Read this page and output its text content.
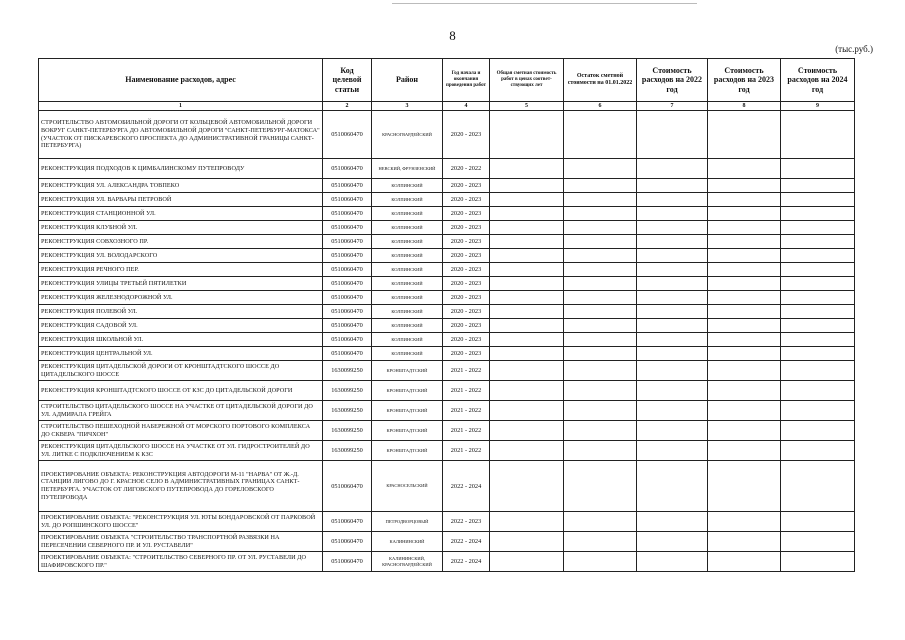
8
(тыс.руб.)
Наименование расходов, адрес	Код целевой статьи	Район	Год начала и окончания проведения работ	Общая сметная стоимость работ в ценах соответ-ствующих лет	Остаток сметной стоимости на 01.01.2022	Стоимость расходов на 2022 год	Стоимость расходов на 2023 год	Стоимость расходов на 2024 год
1	2	3	4	5	6	7	8	9
СТРОИТЕЛЬСТВО АВТОМОБИЛЬНОЙ ДОРОГИ ОТ КОЛЬЦЕВОЙ АВТОМОБИЛЬНОЙ ДОРОГИ ВОКРУГ САНКТ-ПЕТЕРБУРГА ДО АВТОМОБИЛЬНОЙ ДОРОГИ "САНКТ-ПЕТЕРБУРГ-МАТОКСА" (УЧАСТОК ОТ ПИСКАРЕВСКОГО ПРОСПЕКТА ДО АДМИНИСТРАТИВНОЙ ГРАНИЦЫ САНКТ-ПЕТЕРБУРГА)	0510060470	КРАСНОГВАРДЕЙСКИЙ	2020 - 2023					
РЕКОНСТРУКЦИЯ ПОДХОДОВ К ЦИМБАЛИНСКОМУ ПУТЕПРОВОДУ	0510060470	НЕВСКИЙ, ФРУНЗЕНСКИЙ	2020 - 2022					
РЕКОНСТРУКЦИЯ УЛ. АЛЕКСАНДРА ТОВПЕКО	0510060470	КОЛПИНСКИЙ	2020 - 2023					
РЕКОНСТРУКЦИЯ УЛ. ВАРВАРЫ ПЕТРОВОЙ	0510060470	КОЛПИНСКИЙ	2020 - 2023					
РЕКОНСТРУКЦИЯ СТАНЦИОННОЙ УЛ.	0510060470	КОЛПИНСКИЙ	2020 - 2023					
РЕКОНСТРУКЦИЯ КЛУБНОЙ УЛ.	0510060470	КОЛПИНСКИЙ	2020 - 2023					
РЕКОНСТРУКЦИЯ СОВХОЗНОГО ПР.	0510060470	КОЛПИНСКИЙ	2020 - 2023					
РЕКОНСТРУКЦИЯ УЛ. ВОЛОДАРСКОГО	0510060470	КОЛПИНСКИЙ	2020 - 2023					
РЕКОНСТРУКЦИЯ РЕЧНОГО ПЕР.	0510060470	КОЛПИНСКИЙ	2020 - 2023					
РЕКОНСТРУКЦИЯ УЛИЦЫ ТРЕТЬЕЙ ПЯТИЛЕТКИ	0510060470	КОЛПИНСКИЙ	2020 - 2023					
РЕКОНСТРУКЦИЯ ЖЕЛЕЗНОДОРОЖНОЙ УЛ.	0510060470	КОЛПИНСКИЙ	2020 - 2023					
РЕКОНСТРУКЦИЯ ПОЛЕВОЙ УЛ.	0510060470	КОЛПИНСКИЙ	2020 - 2023					
РЕКОНСТРУКЦИЯ САДОВОЙ УЛ.	0510060470	КОЛПИНСКИЙ	2020 - 2023					
РЕКОНСТРУКЦИЯ ШКОЛЬНОЙ УЛ.	0510060470	КОЛПИНСКИЙ	2020 - 2023					
РЕКОНСТРУКЦИЯ ЦЕНТРАЛЬНОЙ УЛ.	0510060470	КОЛПИНСКИЙ	2020 - 2023					
РЕКОНСТРУКЦИЯ ЦИТАДЕЛЬСКОЙ ДОРОГИ ОТ КРОНШТАДТСКОГО ШОССЕ ДО ЦИТАДЕЛЬСКОГО ШОССЕ	1630099250	КРОНШТАДТСКИЙ	2021 - 2022					
РЕКОНСТРУКЦИЯ КРОНШТАДТСКОГО ШОССЕ ОТ КЗС ДО ЦИТАДЕЛЬСКОЙ ДОРОГИ	1630099250	КРОНШТАДТСКИЙ	2021 - 2022					
СТРОИТЕЛЬСТВО ЦИТАДЕЛЬСКОГО ШОССЕ НА УЧАСТКЕ ОТ ЦИТАДЕЛЬСКОЙ ДОРОГИ ДО УЛ. АДМИРАЛА ГРЕЙГА	1630099250	КРОНШТАДТСКИЙ	2021 - 2022					
СТРОИТЕЛЬСТВО ПЕШЕХОДНОЙ НАБЕРЕЖНОЙ ОТ МОРСКОГО ПОРТОВОГО КОМПЛЕКСА ДО СКВЕРА "ПИЧХОН"	1630099250	КРОНШТАДТСКИЙ	2021 - 2022					
РЕКОНСТРУКЦИЯ ЦИТАДЕЛЬСКОГО ШОССЕ НА УЧАСТКЕ ОТ УЛ. ГИДРОСТРОИТЕЛЕЙ ДО УЛ. ЛИТКЕ С ПОДКЛЮЧЕНИЕМ К КЗС	1630099250	КРОНШТАДТСКИЙ	2021 - 2022					
ПРОЕКТИРОВАНИЕ ОБЪЕКТА: РЕКОНСТРУКЦИЯ АВТОДОРОГИ М-11 "НАРВА" ОТ Ж.-Д. СТАНЦИИ ЛИГОВО ДО Г. КРАСНОЕ СЕЛО В АДМИНИСТРАТИВНЫХ ГРАНИЦАХ САНКТ-ПЕТЕРБУРГА. УЧАСТОК ОТ ЛИГОВСКОГО ПУТЕПРОВОДА ДО ГОРЕЛОВСКОГО ПУТЕПРОВОДА	0510060470	КРАСНОСЕЛЬСКИЙ	2022 - 2024					
ПРОЕКТИРОВАНИЕ ОБЪЕКТА: "РЕКОНСТРУКЦИЯ УЛ. ЮТЫ БОНДАРОВСКОЙ ОТ ПАРКОВОЙ УЛ. ДО РОПШИНСКОГО ШОССЕ"	0510060470	ПЕТРОДВОРЦОВЫЙ	2022 - 2023					
ПРОЕКТИРОВАНИЕ ОБЪЕКТА "СТРОИТЕЛЬСТВО ТРАНСПОРТНОЙ РАЗВЯЗКИ НА ПЕРЕСЕЧЕНИИ СЕВЕРНОГО ПР. И УЛ. РУСТАВЕЛИ"	0510060470	КАЛИНИНСКИЙ	2022 - 2024					
ПРОЕКТИРОВАНИЕ ОБЪЕКТА: "СТРОИТЕЛЬСТВО СЕВЕРНОГО ПР. ОТ УЛ. РУСТАВЕЛИ ДО ШАФИРОВСКОГО ПР."	0510060470	КАЛИНИНСКИЙ, КРАСНОГВАРДЕЙСКИЙ	2022 - 2024					
